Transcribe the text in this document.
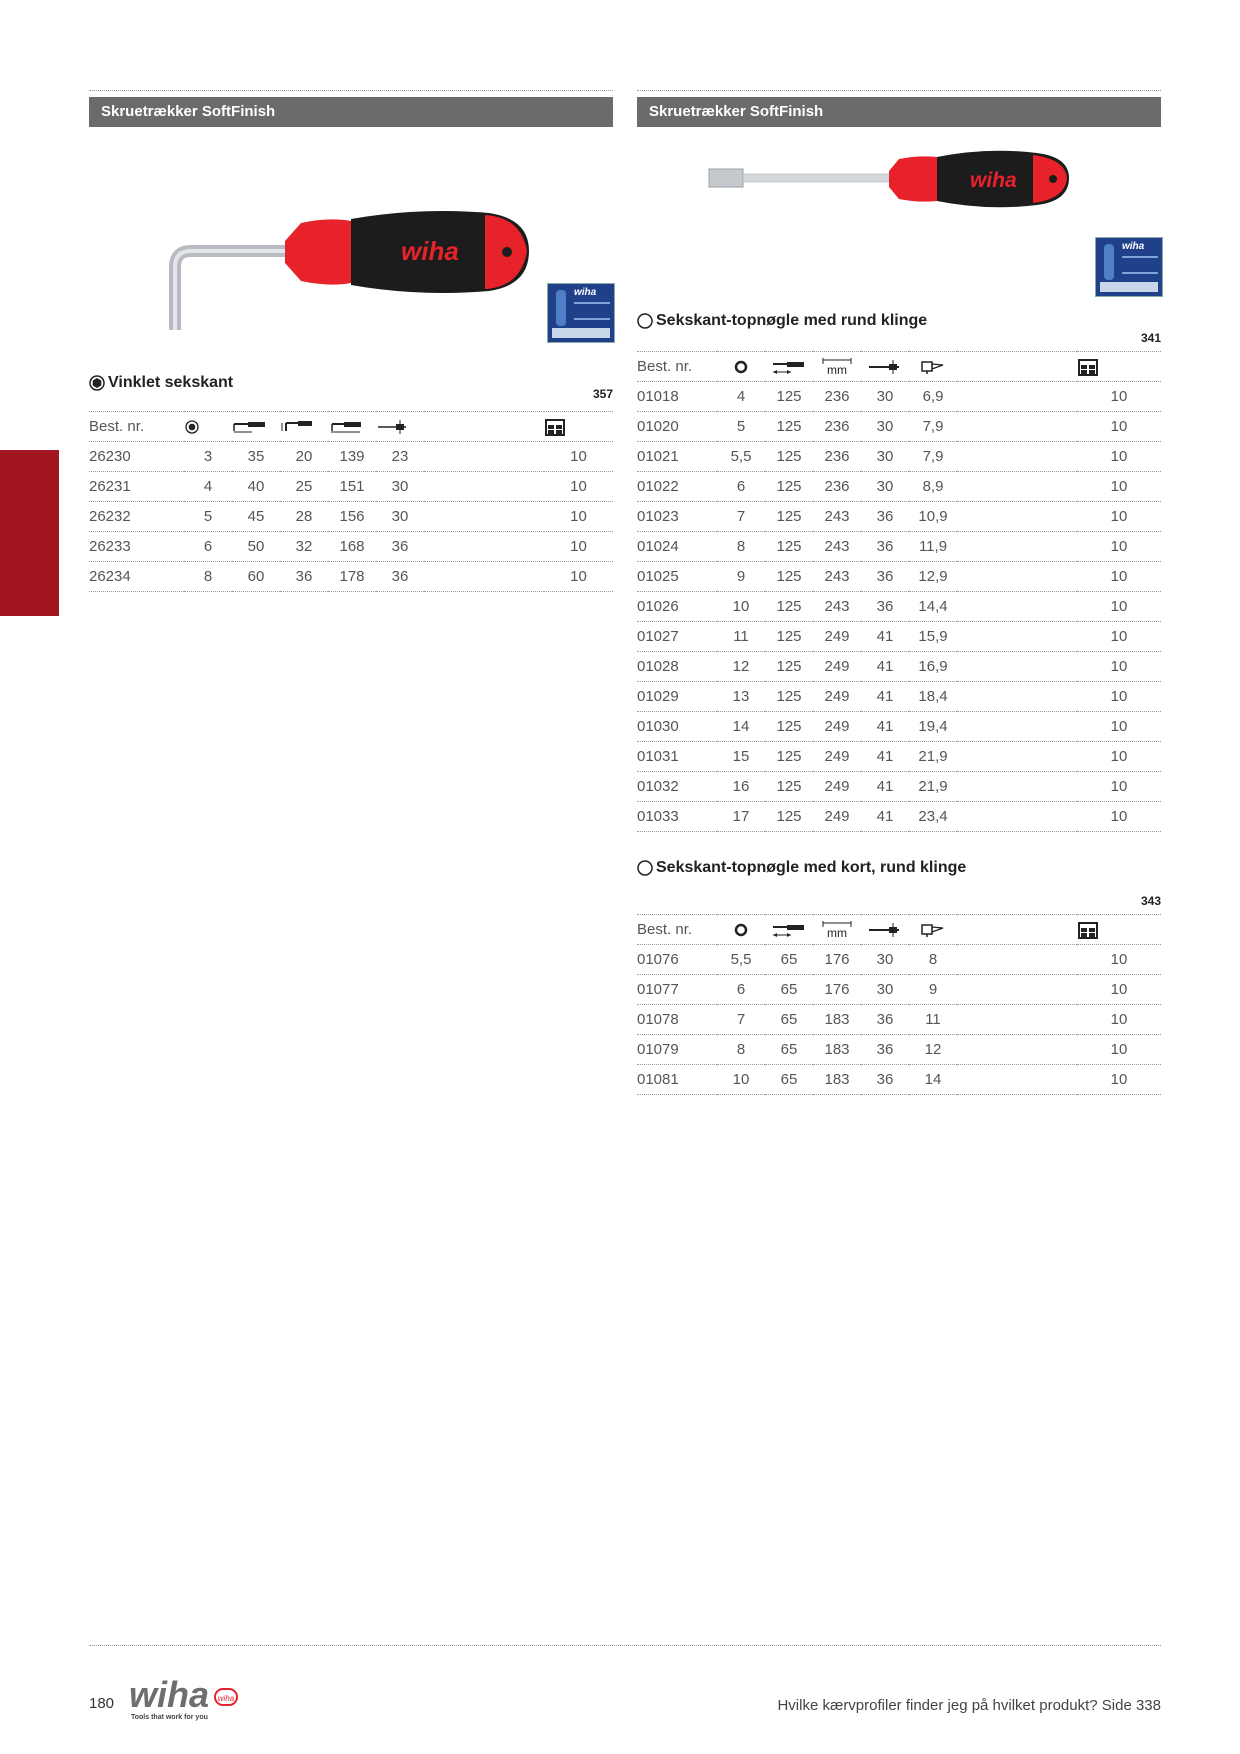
Skruetrækker SoftFinish
wiha
wiha
Vinklet sekskant
357
Best. nr.							
26230	3	35	20	139	23		10
26231	4	40	25	151	30		10
26232	5	45	28	156	30		10
26233	6	50	32	168	36		10
26234	8	60	36	178	36		10
Skruetrækker SoftFinish
wiha
wiha
Sekskant-topnøgle med rund klinge
341
Best. nr.			mm

01018	4	125	236	30	6,9		10
01020	5	125	236	30	7,9		10
01021	5,5	125	236	30	7,9		10
01022	6	125	236	30	8,9		10
01023	7	125	243	36	10,9		10
01024	8	125	243	36	11,9		10
01025	9	125	243	36	12,9		10
01026	10	125	243	36	14,4		10
01027	11	125	249	41	15,9		10
01028	12	125	249	41	16,9		10
01029	13	125	249	41	18,4		10
01030	14	125	249	41	19,4		10
01031	15	125	249	41	21,9		10
01032	16	125	249	41	21,9		10
01033	17	125	249	41	23,4		10
Sekskant-topnøgle med kort, rund klinge
343
Best. nr.			mm

01076	5,5	65	176	30	8		10
01077	6	65	176	30	9		10
01078	7	65	183	36	11		10
01079	8	65	183	36	12		10
01081	10	65	183	36	14		10
180 wiha wiha
Tools that work for you
Hvilke kærvprofiler finder jeg på hvilket produkt? Side 338
